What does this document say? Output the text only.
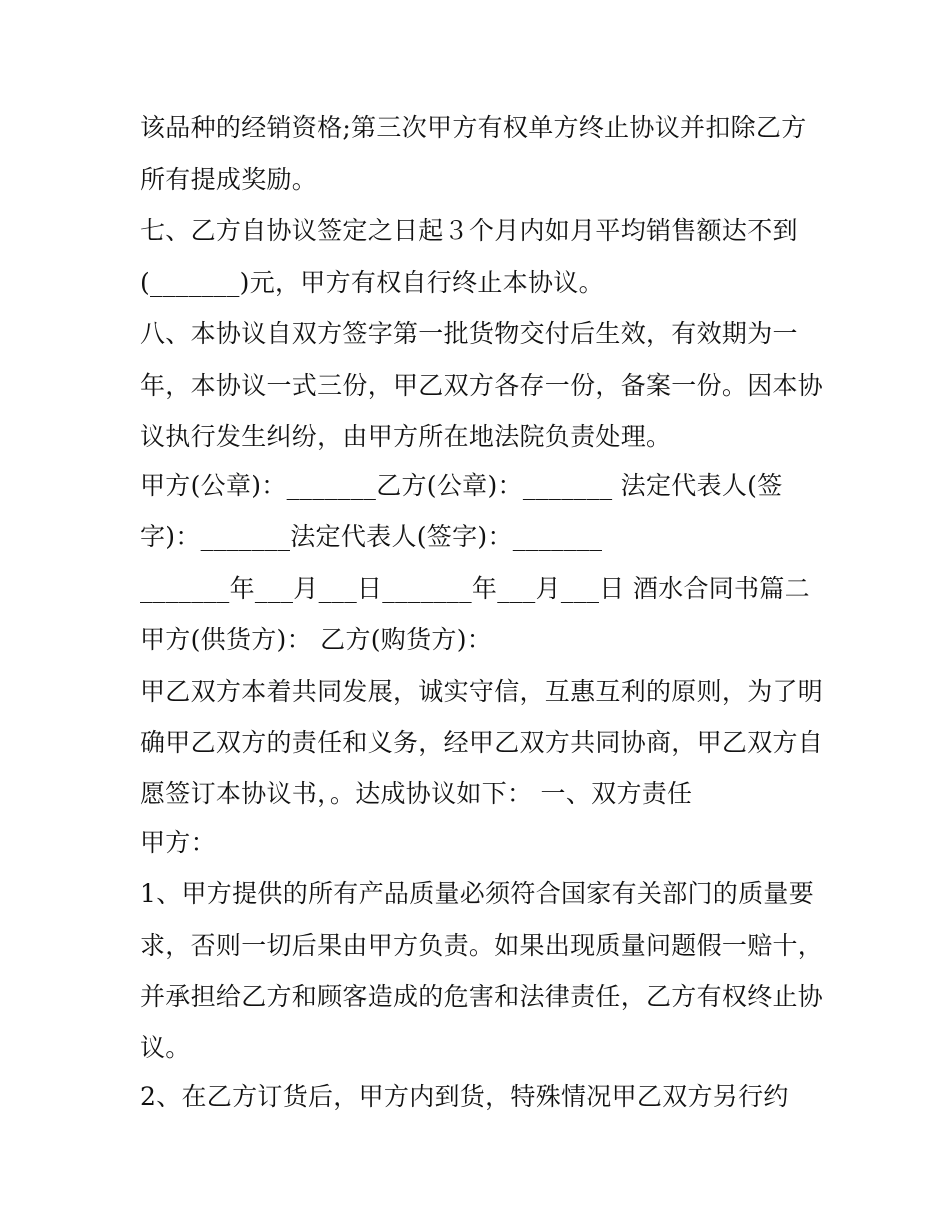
该品种的经销资格;第三次甲方有权单方终止协议并扣除乙方
所有提成奖励。
七、乙方自协议签定之日起３个月内如月平均销售额达不到
(_______)元，甲方有权自行终止本协议。
八、本协议自双方签字第一批货物交付后生效，有效期为一
年，本协议一式三份，甲乙双方各存一份，备案一份。因本协
议执行发生纠纷，由甲方所在地法院负责处理。
甲方(公章)：_______乙方(公章)：_______ 法定代表人(签
字)：_______法定代表人(签字)：_______
_______年___月___日_______年___月___日 酒水合同书篇二
甲方(供货方)： 乙方(购货方)：
甲乙双方本着共同发展，诚实守信，互惠互利的原则，为了明
确甲乙双方的责任和义务，经甲乙双方共同协商，甲乙双方自
愿签订本协议书，。达成协议如下： 一、双方责任
甲方：
1、甲方提供的所有产品质量必须符合国家有关部门的质量要
求，否则一切后果由甲方负责。如果出现质量问题假一赔十，
并承担给乙方和顾客造成的危害和法律责任，乙方有权终止协
议。
2、在乙方订货后，甲方内到货，特殊情况甲乙双方另行约
